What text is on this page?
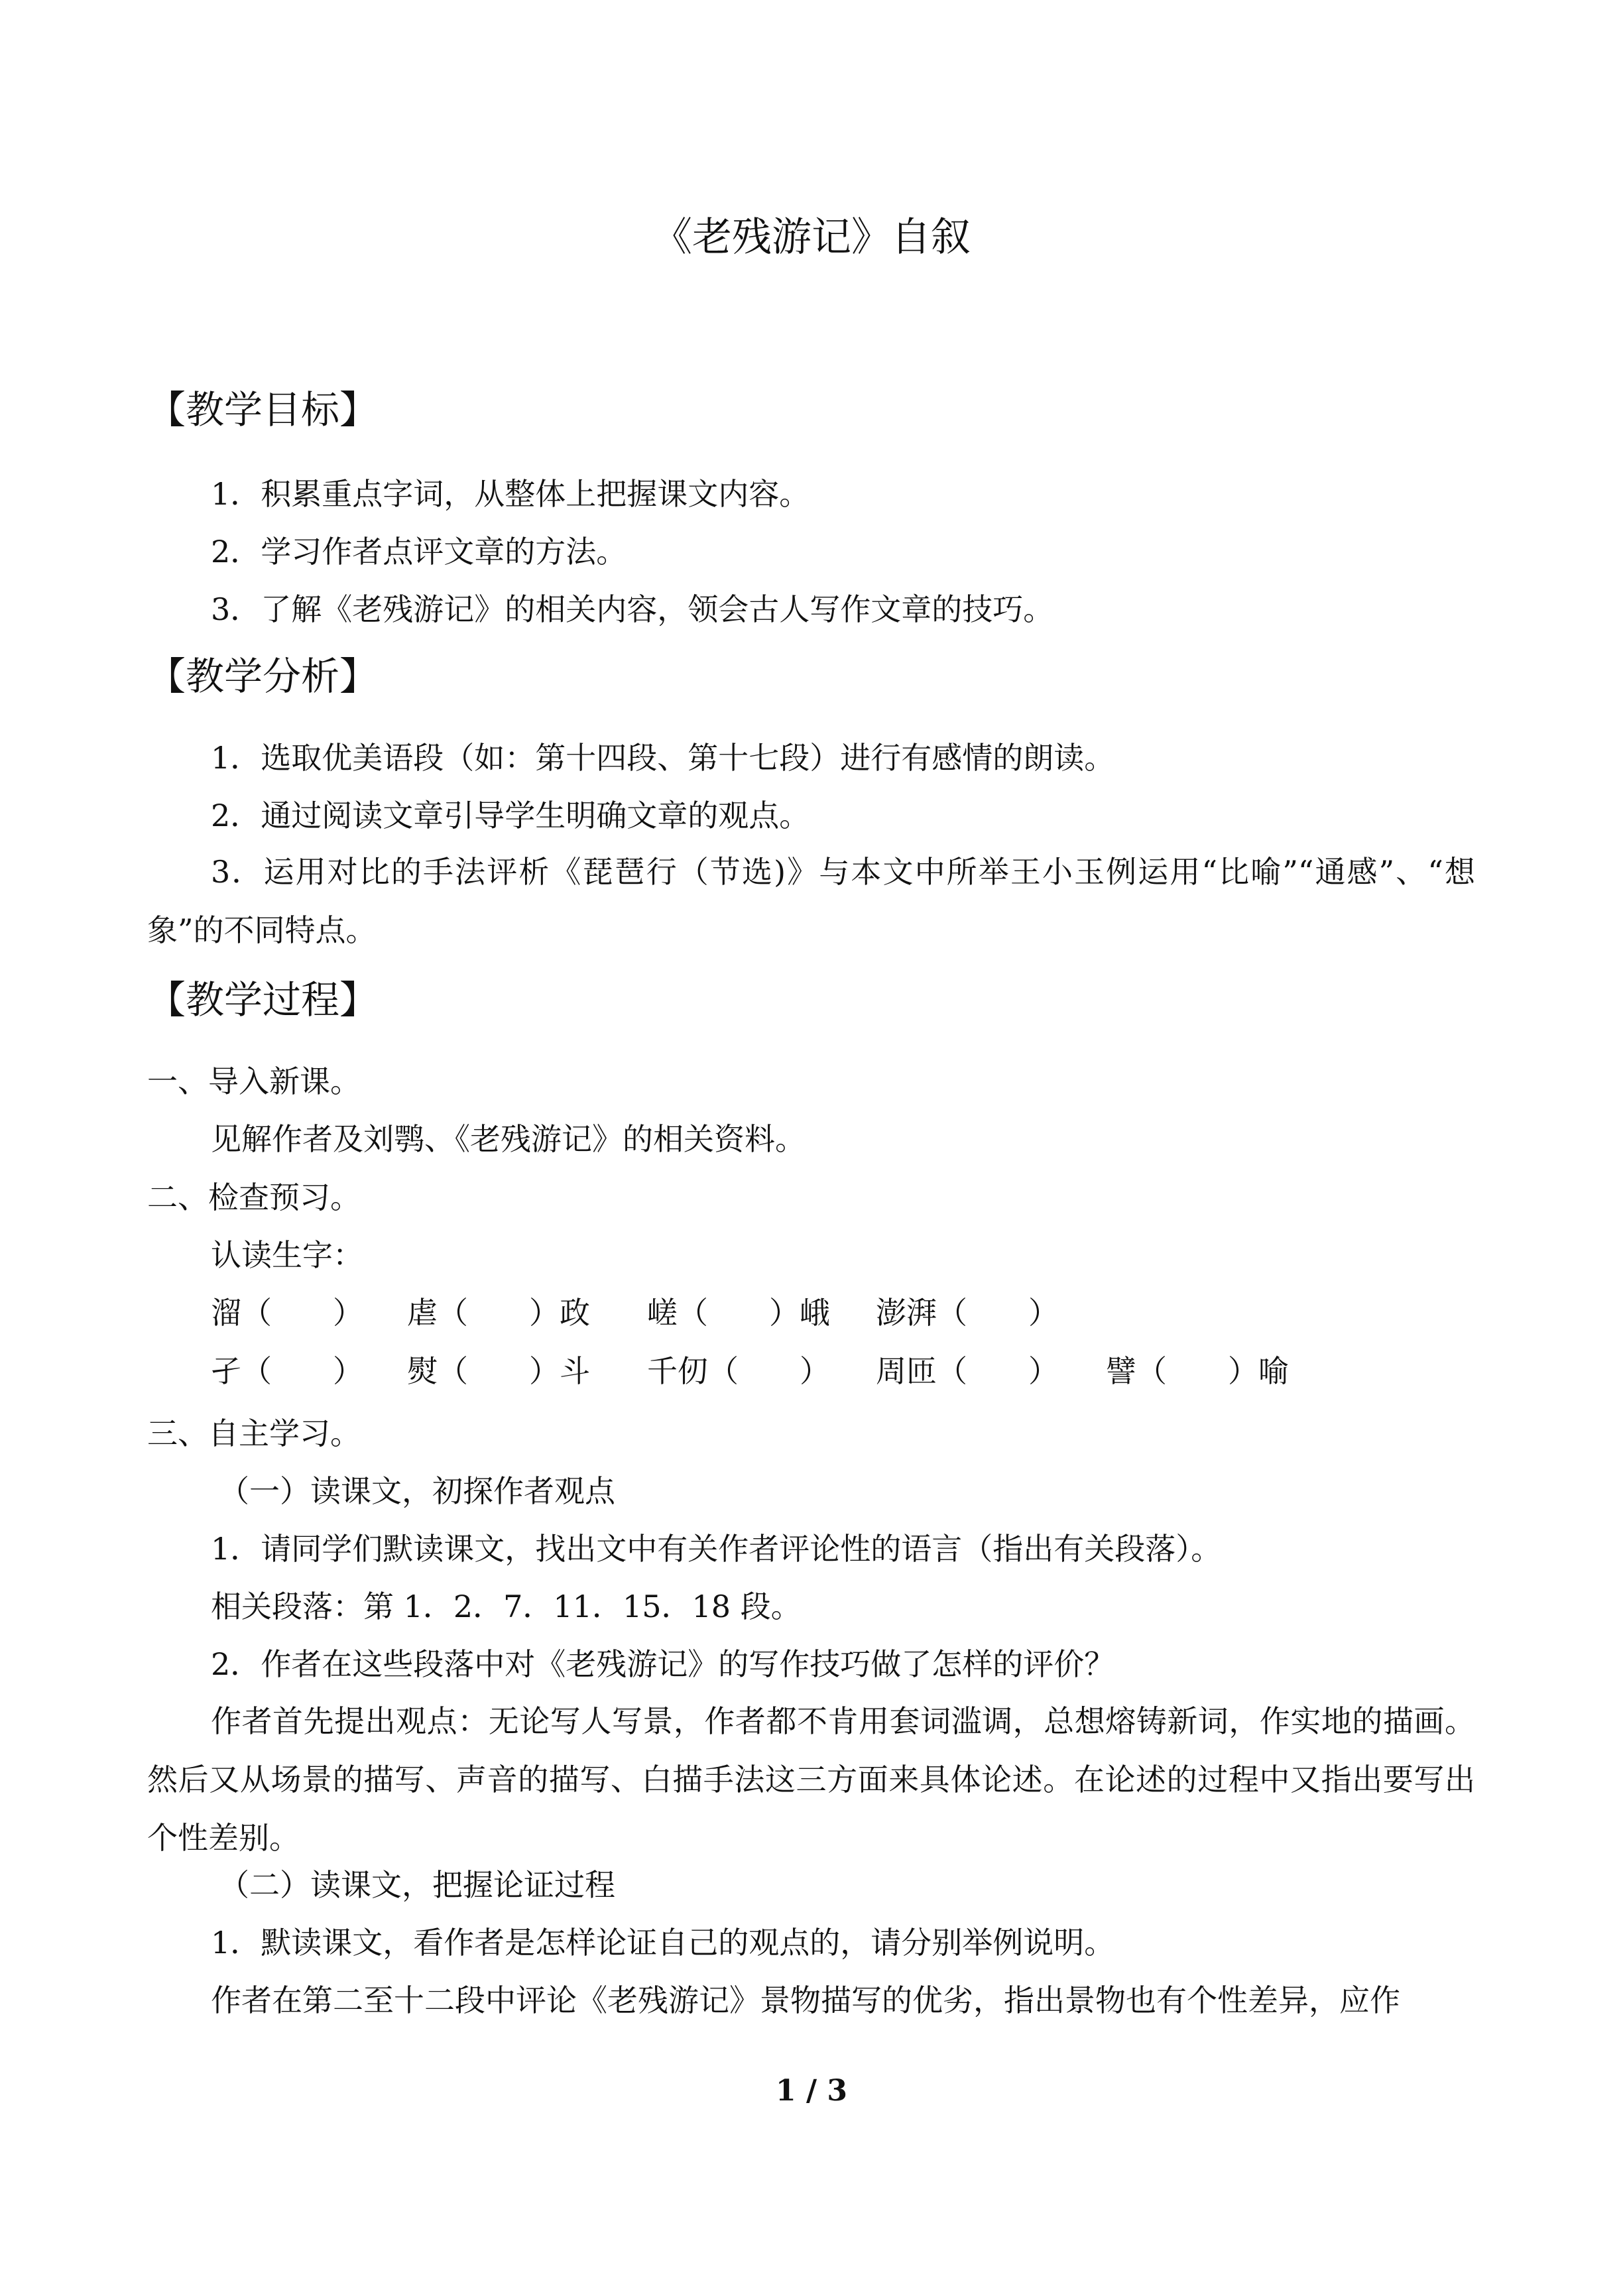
《老残游记》自叙
【教学目标】
1．积累重点字词，从整体上把握课文内容。
2．学习作者点评文章的方法。
3．了解《老残游记》的相关内容，领会古人写作文章的技巧。
【教学分析】
1．选取优美语段（如：第十四段、第十七段）进行有感情的朗读。
2．通过阅读文章引导学生明确文章的观点。
3．运用对比的手法评析《琵琶行（节选)》与本文中所举王小玉例运用“比喻”“通感”、“想象”的不同特点。
【教学过程】
一、导入新课。
见解作者及刘鹗、《老残游记》的相关资料。
二、检查预习。
认读生字：
溜（　　） 虐（　　）政 嵯（　　）峨 澎湃（　　）
孑（　　） 熨（　　）斗 千仞（　　） 周匝（　　） 譬（　　）喻
三、自主学习。
（一）读课文，初探作者观点
1．请同学们默读课文，找出文中有关作者评论性的语言（指出有关段落）。
相关段落：第 1．2．7．11．15．18 段。
2．作者在这些段落中对《老残游记》的写作技巧做了怎样的评价？
作者首先提出观点：无论写人写景，作者都不肯用套词滥调，总想熔铸新词，作实地的描画。然后又从场景的描写、声音的描写、白描手法这三方面来具体论述。在论述的过程中又指出要写出个性差别。
（二）读课文，把握论证过程
1．默读课文，看作者是怎样论证自己的观点的，请分别举例说明。
作者在第二至十二段中评论《老残游记》景物描写的优劣，指出景物也有个性差异，应作
1 / 3
